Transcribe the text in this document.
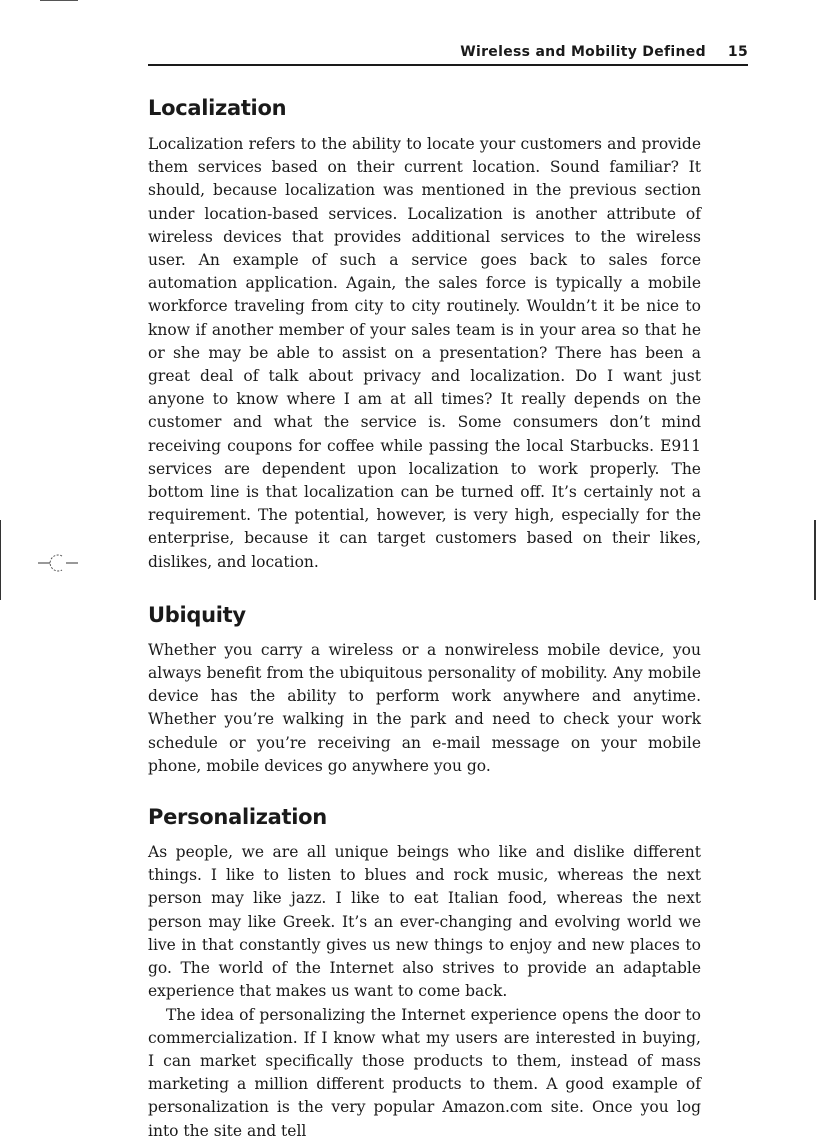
Wireless and Mobility Defined 15
Localization

Localization refers to the ability to locate your customers and provide them services based on their current location. Sound familiar? It should, because localization was mentioned in the previous section under location-based services. Localization is another attribute of wireless devices that provides additional services to the wireless user. An example of such a service goes back to sales force automation application. Again, the sales force is typically a mobile workforce traveling from city to city routinely. Wouldn’t it be nice to know if another member of your sales team is in your area so that he or she may be able to assist on a presentation? There has been a great deal of talk about privacy and localization. Do I want just anyone to know where I am at all times? It really depends on the customer and what the service is. Some consumers don’t mind receiving coupons for coffee while passing the local Starbucks. E911 services are dependent upon localization to work properly. The bottom line is that localization can be turned off. It’s certainly not a requirement. The potential, however, is very high, especially for the enterprise, because it can target customers based on their likes, dislikes, and location.

Ubiquity

Whether you carry a wireless or a nonwireless mobile device, you always benefit from the ubiquitous personality of mobility. Any mobile device has the ability to perform work anywhere and anytime. Whether you’re walking in the park and need to check your work schedule or you’re receiving an e-mail message on your mobile phone, mobile devices go anywhere you go.

Personalization

As people, we are all unique beings who like and dislike different things. I like to listen to blues and rock music, whereas the next person may like jazz. I like to eat Italian food, whereas the next person may like Greek. It’s an ever-changing and evolving world we live in that constantly gives us new things to enjoy and new places to go. The world of the Internet also strives to provide an adaptable experience that makes us want to come back.

The idea of personalizing the Internet experience opens the door to commercialization. If I know what my users are interested in buying, I can market specifically those products to them, instead of mass marketing a million different products to them. A good example of personalization is the very popular Amazon.com site. Once you log into the site and tell
